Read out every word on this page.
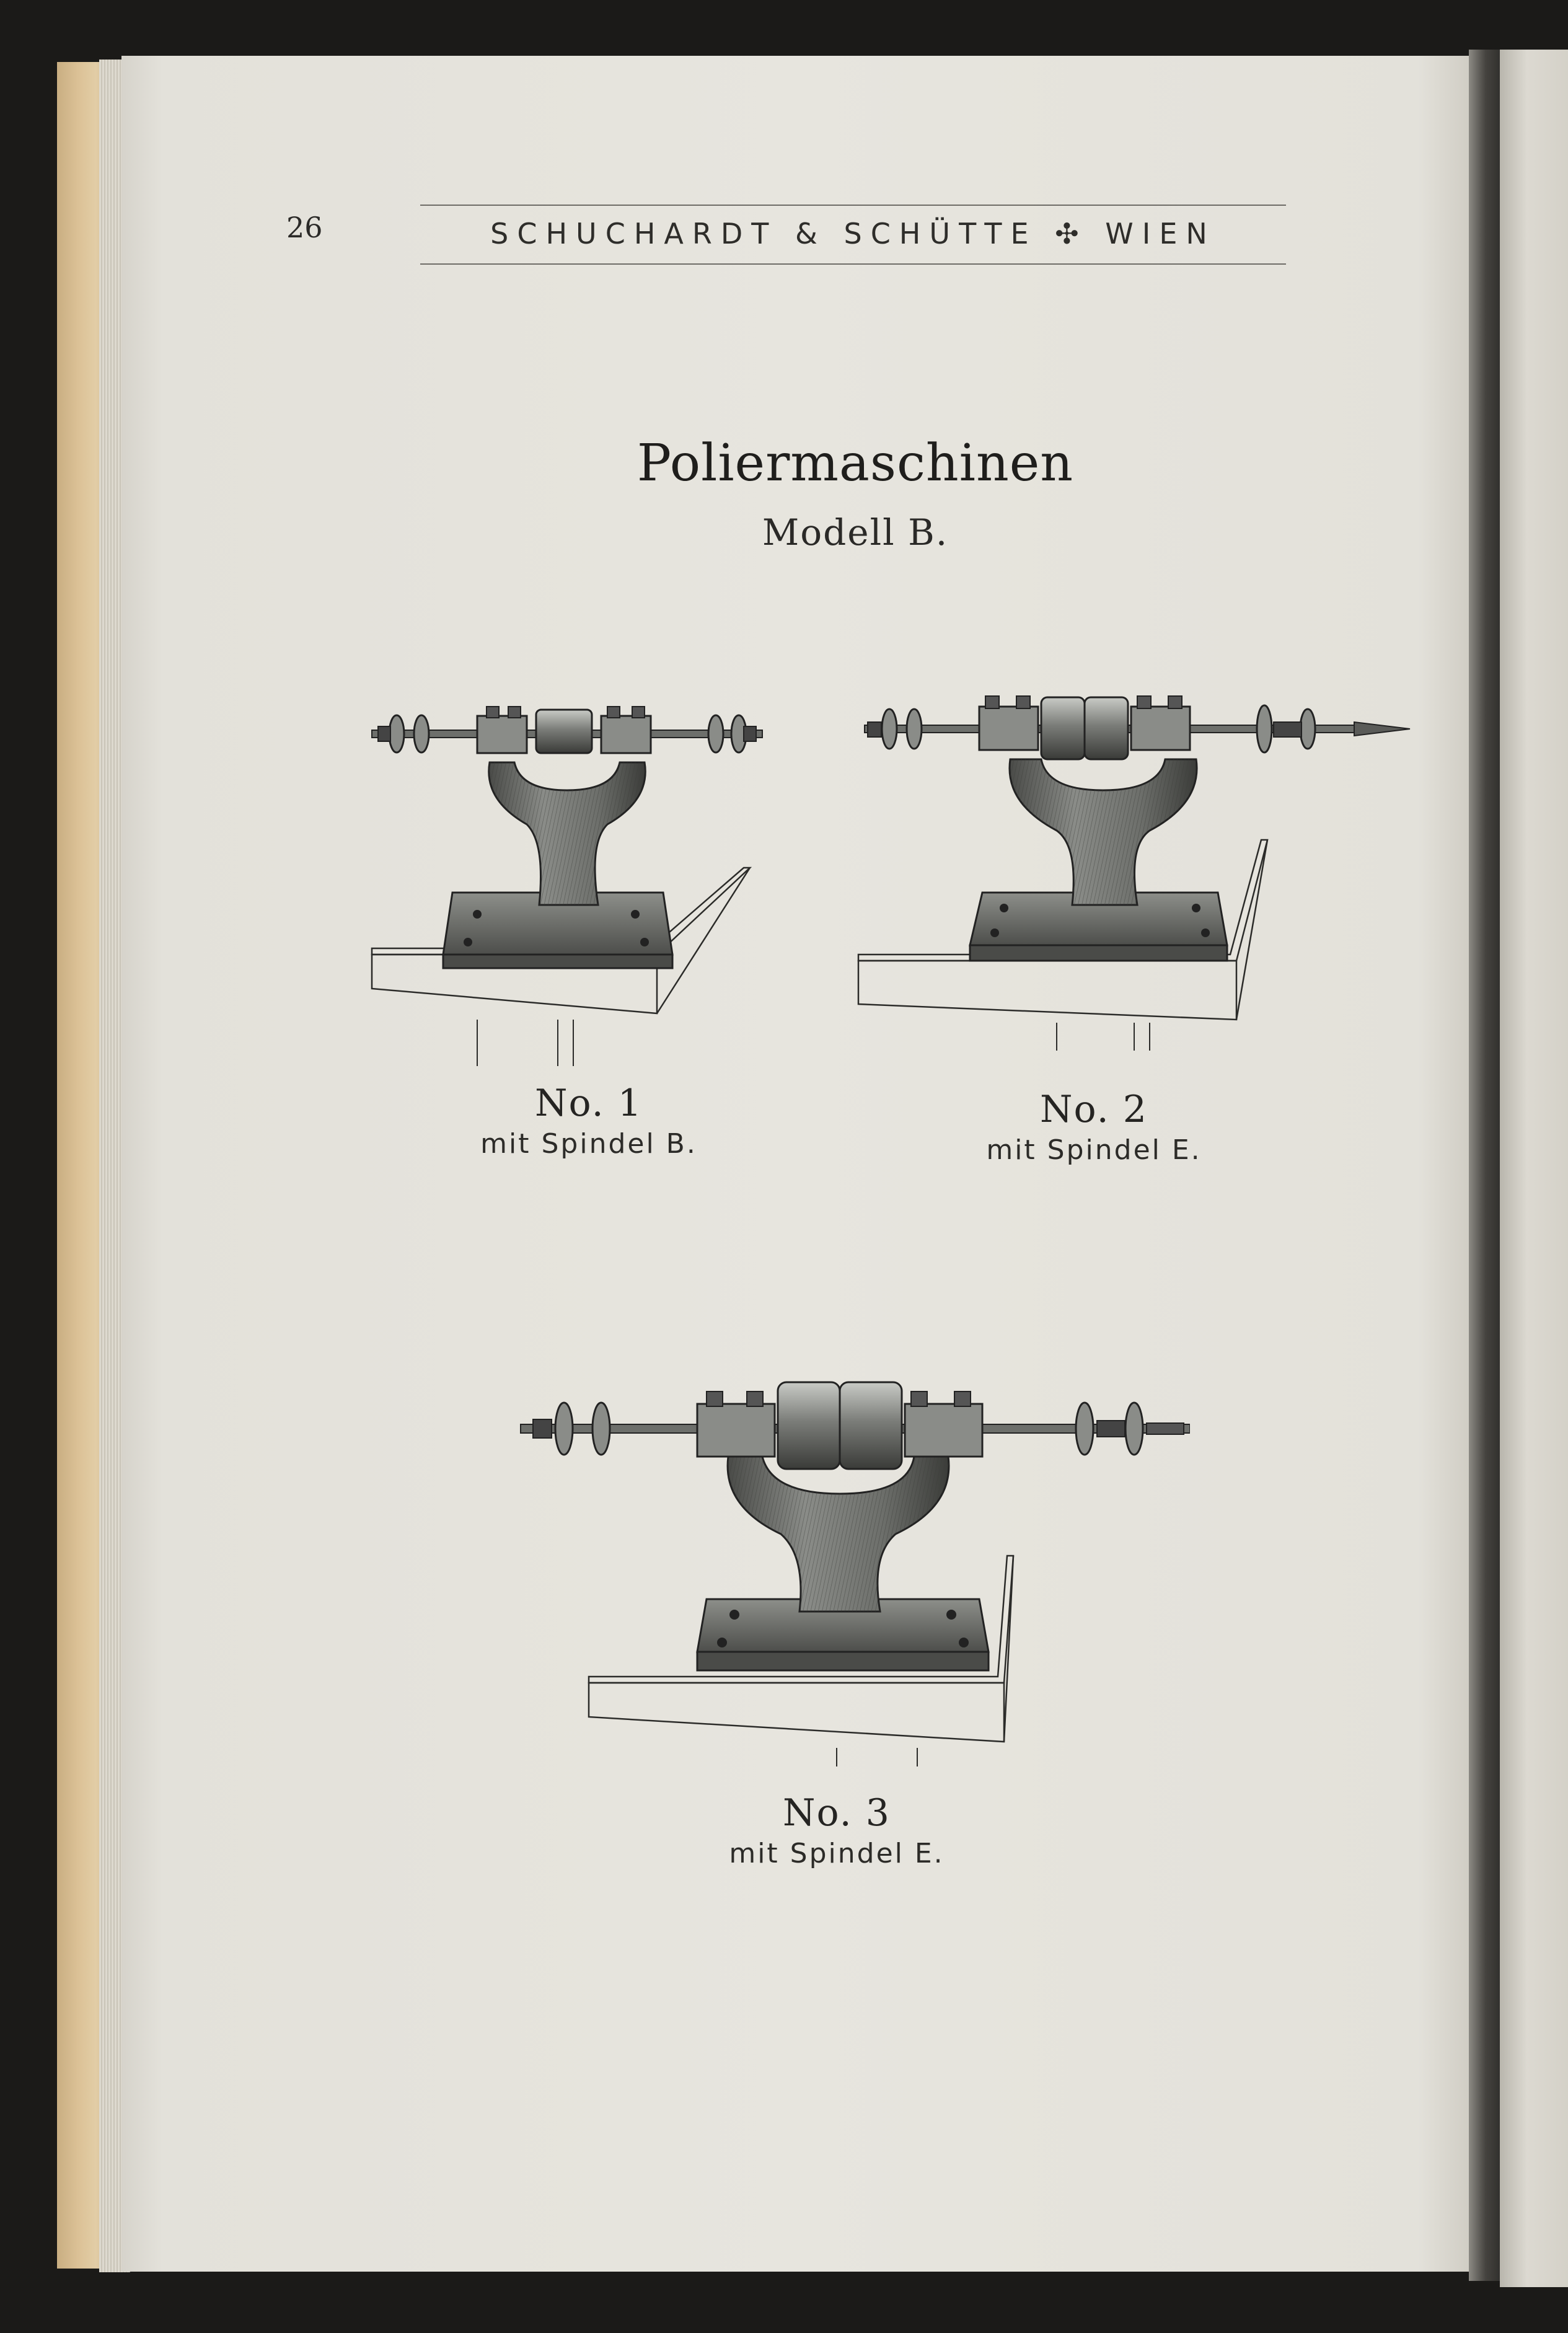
26	SCHUCHARDT & SCHÜTTE ✣ WIEN
Poliermaschinen
Modell B.
No. 1
mit Spindel B.
No. 2
mit Spindel E.
No. 3
mit Spindel E.
